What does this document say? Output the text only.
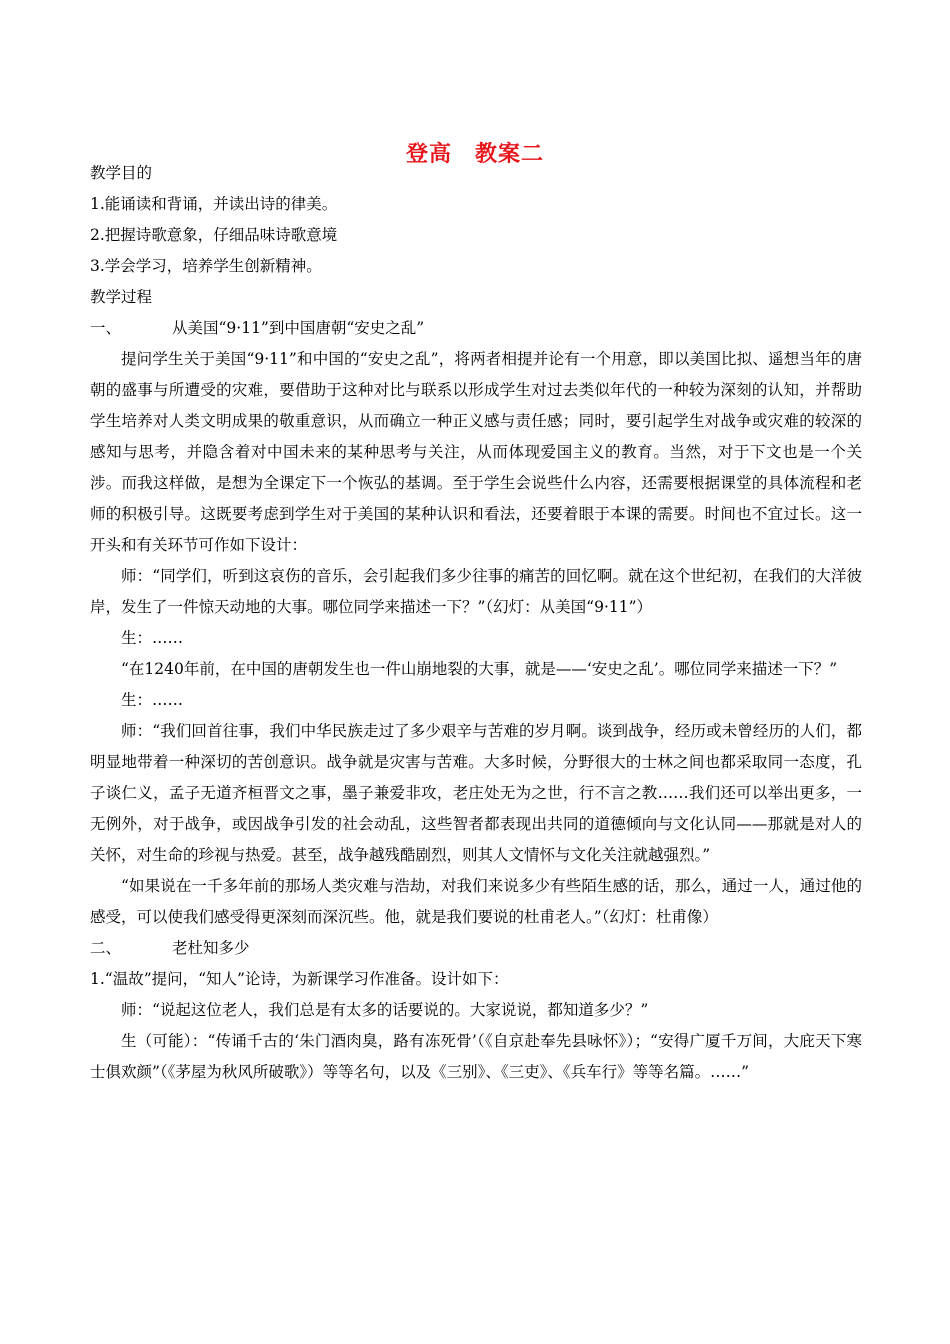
登高　教案二

教学目的

1.能诵读和背诵，并读出诗的律美。

2.把握诗歌意象，仔细品味诗歌意境

3.学会学习，培养学生创新精神。

教学过程

一、	从美国“9·11”到中国唐朝“安史之乱”

提问学生关于美国“9·11”和中国的“安史之乱”，将两者相提并论有一个用意，即以美国比拟、遥想当年的唐朝的盛事与所遭受的灾难，要借助于这种对比与联系以形成学生对过去类似年代的一种较为深刻的认知，并帮助学生培养对人类文明成果的敬重意识，从而确立一种正义感与责任感；同时，要引起学生对战争或灾难的较深的感知与思考，并隐含着对中国未来的某种思考与关注，从而体现爱国主义的教育。当然，对于下文也是一个关涉。而我这样做，是想为全课定下一个恢弘的基调。至于学生会说些什么内容，还需要根据课堂的具体流程和老师的积极引导。这既要考虑到学生对于美国的某种认识和看法，还要着眼于本课的需要。时间也不宜过长。这一开头和有关环节可作如下设计：

师：“同学们，听到这哀伤的音乐，会引起我们多少往事的痛苦的回忆啊。就在这个世纪初，在我们的大洋彼岸，发生了一件惊天动地的大事。哪位同学来描述一下？”（幻灯：从美国“9·11”）

生：……

“在1240年前，在中国的唐朝发生也一件山崩地裂的大事，就是——‘安史之乱’。哪位同学来描述一下？”

生：……

师：“我们回首往事，我们中华民族走过了多少艰辛与苦难的岁月啊。谈到战争，经历或未曾经历的人们，都明显地带着一种深切的苦创意识。战争就是灾害与苦难。大多时候，分野很大的士林之间也都采取同一态度，孔子谈仁义，孟子无道齐桓晋文之事，墨子兼爱非攻，老庄处无为之世，行不言之教……我们还可以举出更多，一无例外，对于战争，或因战争引发的社会动乱，这些智者都表现出共同的道德倾向与文化认同——那就是对人的关怀，对生命的珍视与热爱。甚至，战争越残酷剧烈，则其人文情怀与文化关注就越强烈。”

“如果说在一千多年前的那场人类灾难与浩劫，对我们来说多少有些陌生感的话，那么，通过一人，通过他的感受，可以使我们感受得更深刻而深沉些。他，就是我们要说的杜甫老人。”（幻灯：杜甫像）

二、	老杜知多少

1.“温故”提问，“知人”论诗，为新课学习作准备。设计如下：

师：“说起这位老人，我们总是有太多的话要说的。大家说说，都知道多少？”

生（可能）：“传诵千古的‘朱门酒肉臭，路有冻死骨’（《自京赴奉先县咏怀》）；“安得广厦千万间，大庇天下寒士俱欢颜”（《茅屋为秋风所破歌》）等等名句，以及《三别》、《三吏》、《兵车行》等等名篇。……”
